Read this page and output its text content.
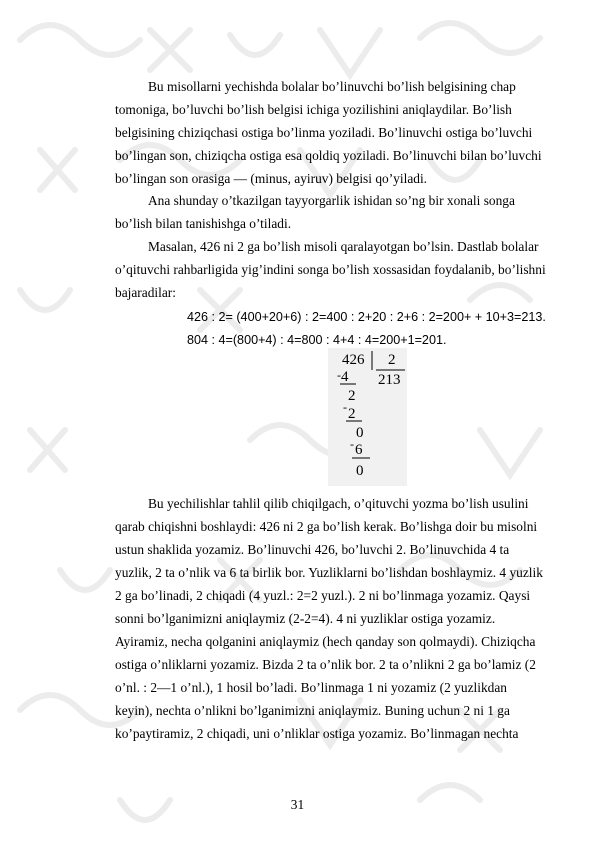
Bu misollarni yechishda bolalar bo’linuvchi bo’lish belgisining chap
tomoniga, bo’luvchi bo’lish belgisi ichiga yozilishini aniqlaydilar. Bo’lish
belgisining chiziqchasi ostiga bo’linma yoziladi. Bo’linuvchi ostiga bo’luvchi
bo’lingan son, chiziqcha ostiga esa qoldiq yoziladi. Bo’linuvchi bilan bo’luvchi
bo’lingan son orasiga — (minus, ayiruv) belgisi qo’yiladi.
Ana shunday o’tkazilgan tayyorgarlik ishidan so’ng bir xonali songa
bo’lish bilan tanishishga o’tiladi.
Masalan, 426 ni 2 ga bo’lish misoli qaralayotgan bo’lsin. Dastlab bolalar
o’qituvchi rahbarligida yig’indini songa bo’lish xossasidan foydalanib, bo’lishni
bajaradilar:
426 : 2= (400+20+6) : 2=400 : 2+20 : 2+6 : 2=200+ + 10+3=213.
804 : 4=(800+4) : 4=800 : 4+4 : 4=200+1=201.
426 2
213
- 4
2
- 2
0
- 6
0
Bu yechilishlar tahlil qilib chiqilgach, o’qituvchi yozma bo’lish usulini
qarab chiqishni boshlaydi: 426 ni 2 ga bo’lish kerak. Bo’lishga doir bu misolni
ustun shaklida yozamiz. Bo’linuvchi 426, bo’luvchi 2. Bo’linuvchida 4 ta
yuzlik, 2 ta o’nlik va 6 ta birlik bor. Yuzliklarni bo’lishdan boshlaymiz. 4 yuzlik
2 ga bo’linadi, 2 chiqadi (4 yuzl.: 2=2 yuzl.). 2 ni bo’linmaga yozamiz. Qaysi
sonni bo’lganimizni aniqlaymiz (2-2=4). 4 ni yuzliklar ostiga yozamiz.
Ayiramiz, necha qolganini aniqlaymiz (hech qanday son qolmaydi). Chiziqcha
ostiga o’nliklarni yozamiz. Bizda 2 ta o’nlik bor. 2 ta o’nlikni 2 ga bo’lamiz (2
o’nl. : 2—1 o’nl.), 1 hosil bo’ladi. Bo’linmaga 1 ni yozamiz (2 yuzlikdan
keyin), nechta o’nlikni bo’lganimizni aniqlaymiz. Buning uchun 2 ni 1 ga
ko’paytiramiz, 2 chiqadi, uni o’nliklar ostiga yozamiz. Bo’linmagan nechta
31
